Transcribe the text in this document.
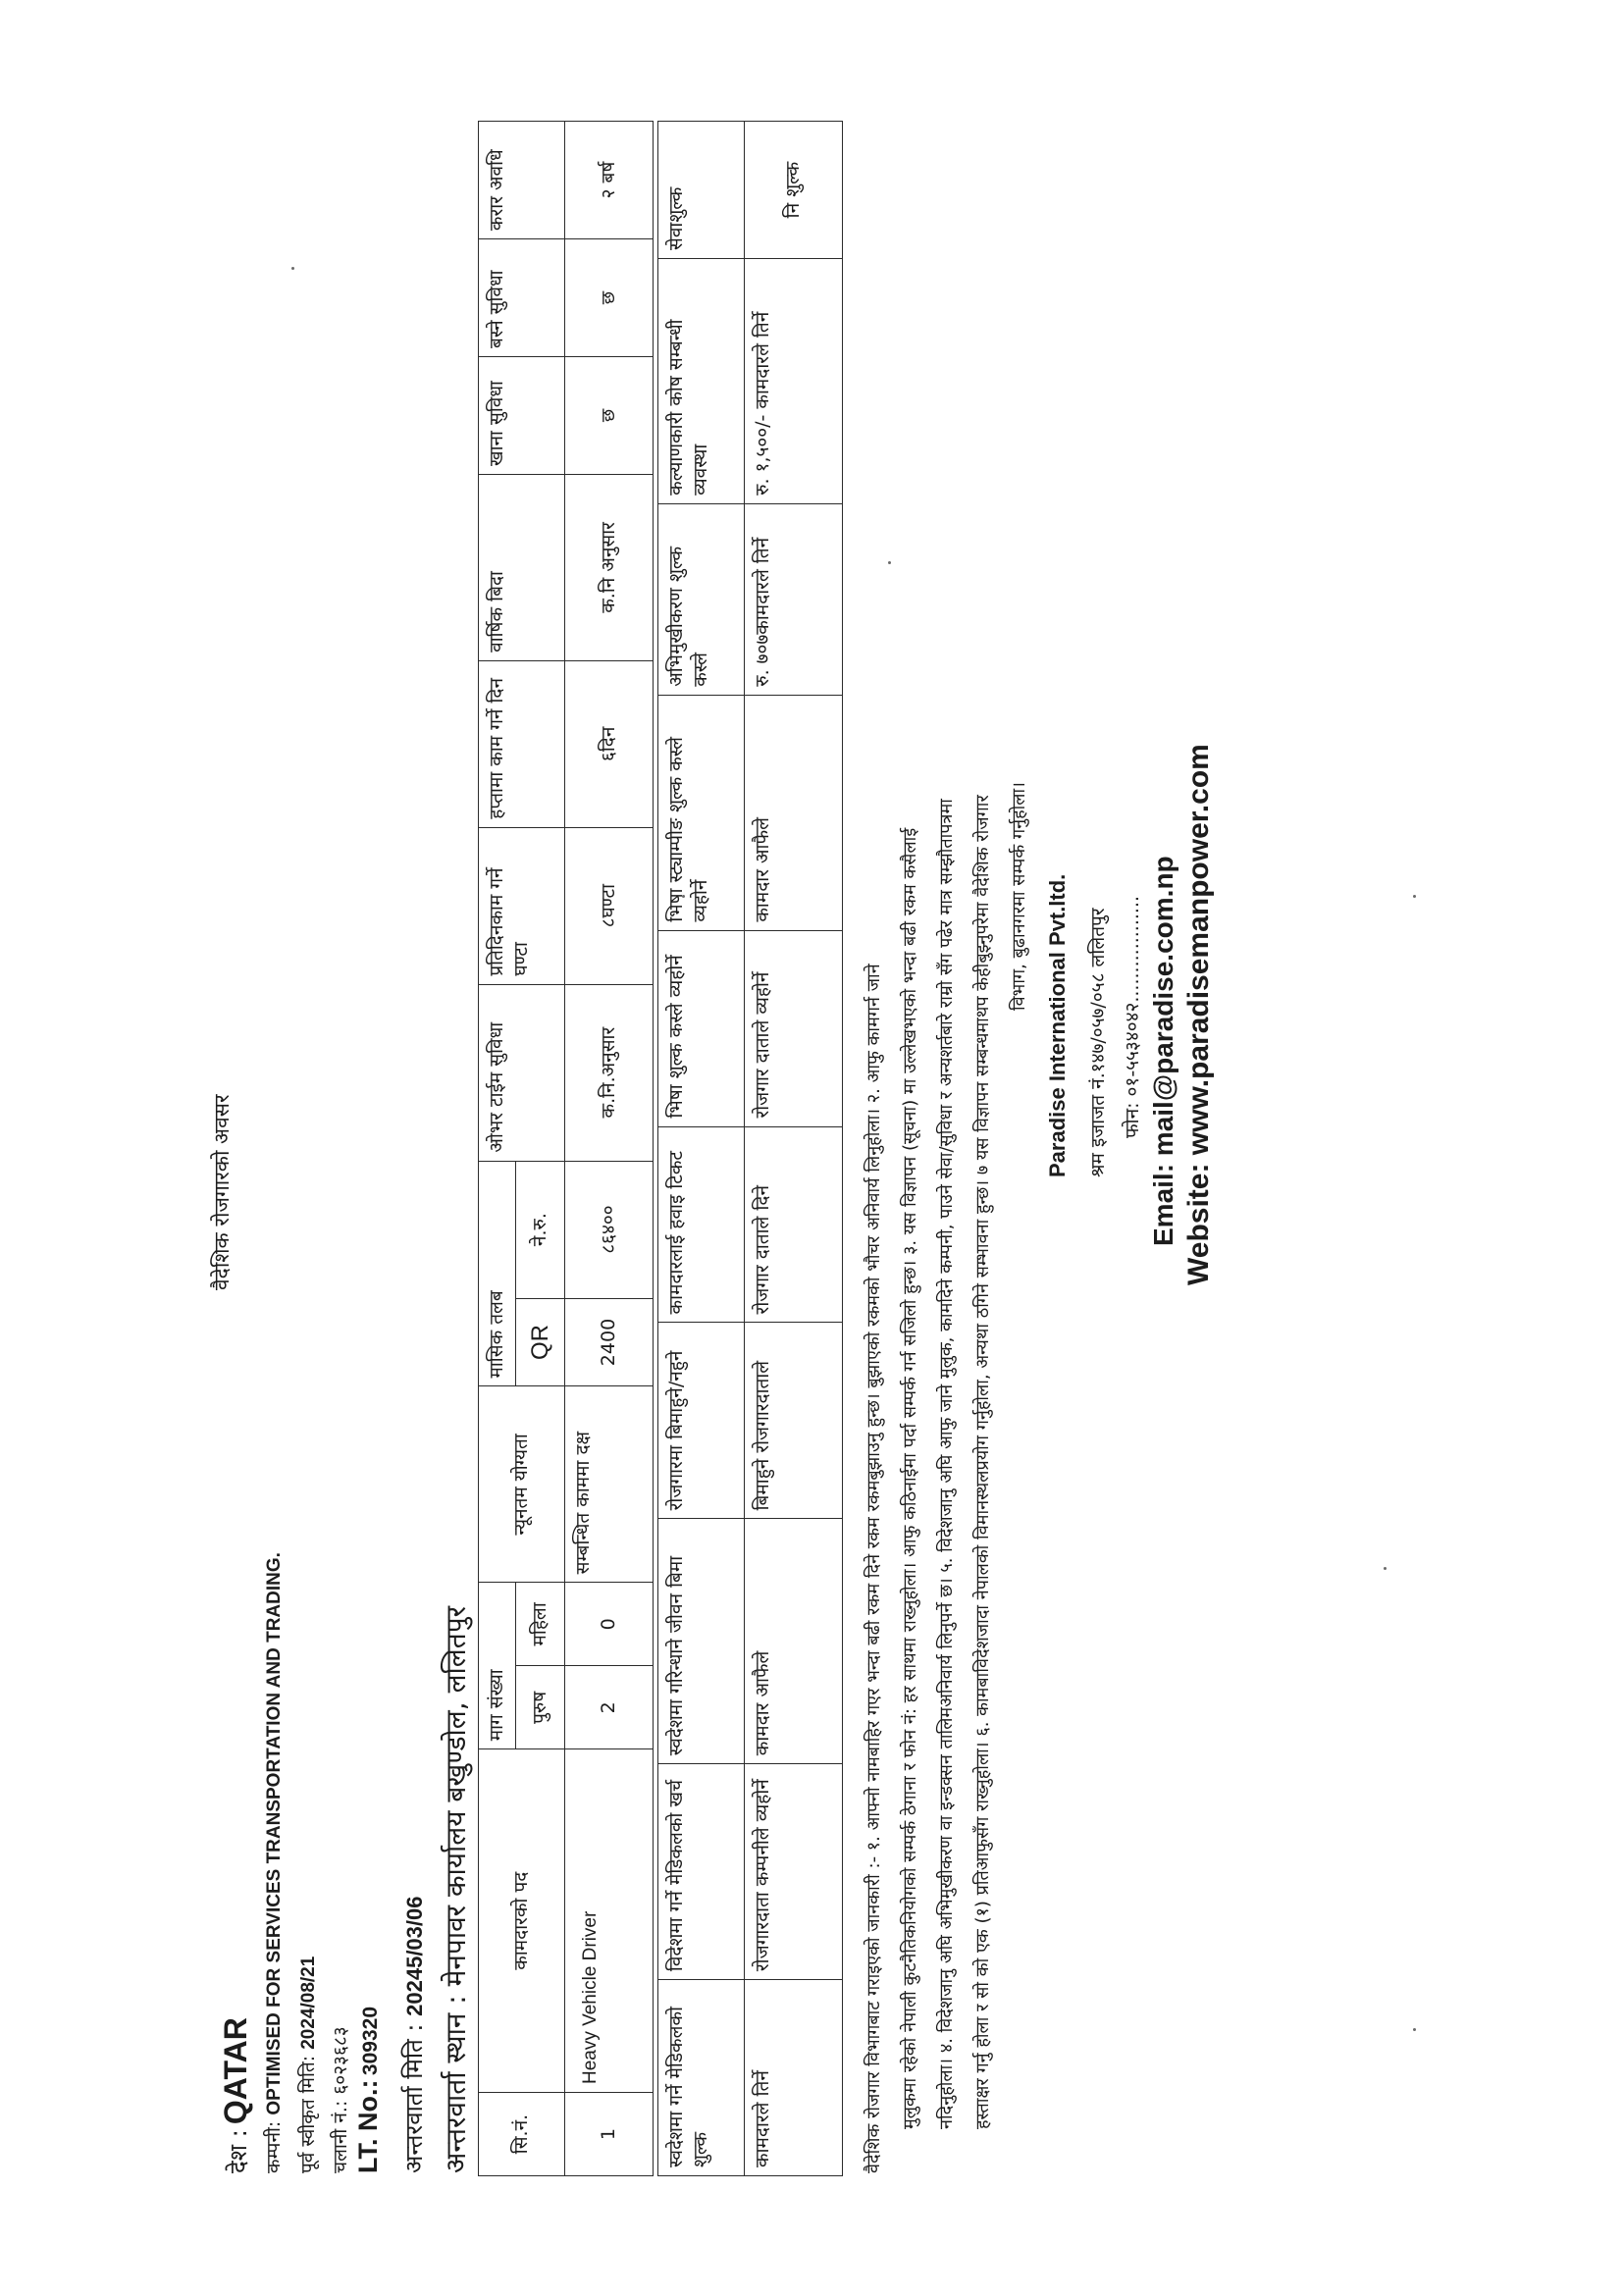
वैदेशिक रोजगारको अवसर
देश : QATAR
कम्पनी: OPTIMISED FOR SERVICES TRANSPORTATION AND TRADING. पूर्व स्वीकृत मिति: 2024/08/21
चलानी नं.: ६०२३६८३
LT. No.: 309320 अन्तरवार्ता मिति : 20245/03/06
अन्तरवार्ता स्थान : मेनपावर कार्यालय बखुण्डोल, ललितपुर
सि.नं.	कामदारको पद	माग संख्या		न्यूनतम योग्यता	मासिक तलब		ओभर टाईम सुविधा	प्रतिदिनकाम गर्ने घण्टा	हप्तामा काम गर्ने दिन	वार्षिक बिदा	खाना सुविधा	बस्ने सुविधा	करार अवधि
		पुरुष	महिला		QR	ने.रु.							
1	Heavy Vehicle Driver	2	0	सम्बन्धित काममा दक्ष	2400	८६४००	क.नि.अनुसार	८घण्टा	६दिन	क.नि अनुसार	छ	छ	२ बर्ष
स्वदेशमा गर्ने मेडिकलको शुल्क	विदेशमा गर्ने मेडिकलको खर्च	स्वदेशमा गरिन्धाने जीवन बिमा	रोजगारमा बिमाहुने/नहुने	कामदारलाई हवाइ टिकट	भिषा शुल्क कस्ले व्यहोर्ने	भिषा स्ट्याम्पीङ शुल्क कस्ले व्यहोर्ने	अभिमुखीकरण शुल्क कस्ले	कल्याणकारी कोष सम्बन्धी व्यवस्था	सेवाशुल्क
कामदारले तिर्ने	रोजगारदाता कम्पनीले व्यहोर्ने	कामदार आफैले	बिमाहुने रोजगारदाताले	रोजगार दाताले दिने	रोजगार दाताले व्यहोर्ने	कामदार आफैले	रु. ७०७कामदारले तिर्ने	रु. १,५००/- कामदारले तिर्ने	नि शुल्क
वैदेशिक रोजगार विभागबाट गराइएको जानकारी :- १. आफ्नो नामबाहिर गएर भन्दा बढी रकम दिने रकम रकमबुझाउनु हुन्छ। बुझाएको रकमको भौचर अनिवार्य लिनुहोला। २. आफु कामगर्न जाने मुलुकमा रहेको नेपाली कुटनैतिकनियोगको सम्पर्क ठेगाना र फोन नं: हर साथमा राख्नुहोला। आफु कठिनाईमा पर्दा सम्पर्क गर्न सजिलो हुन्छ। ३. यस विज्ञापन (सूचना) मा उल्लेखभएको भन्दा बढी रकम कसैलाई नदिनुहोला। ४. विदेशजानु अघि अभिमुखीकरण वा इन्डक्सन तालिमअनिवार्य लिनुपर्ने छ। ५. विदेशजानु अघि आफु जाने मुलुक, कामदिने कम्पनी, पाउने सेवा/सुविधा र अन्यशर्तबारे राम्रो सँग पढेर मात्र सम्झौतापत्रमा हस्ताक्षर गर्नु होला र सो को एक (१) प्रतिआफुसँग राख्नुहोला। ६. कामबाविदेशजादा नेपालको विमानस्थलप्रयोग गर्नुहोला, अन्यथा ठगिने सम्भावना हुन्छ। ७ यस विज्ञापन सम्बन्धमाथप केहीबुझ्नुपरेमा वैदेशिक रोजगार विभाग, बुढानगरमा सम्पर्क गर्नुहोला। Paradise International Pvt.ltd. श्रम इजाजत नं.१४७/०५७/०५८ ललितपुर फोन: ०१-५५३४०४२.................. Email: mail@paradise.com.np Website: www.paradisemanpower.com
